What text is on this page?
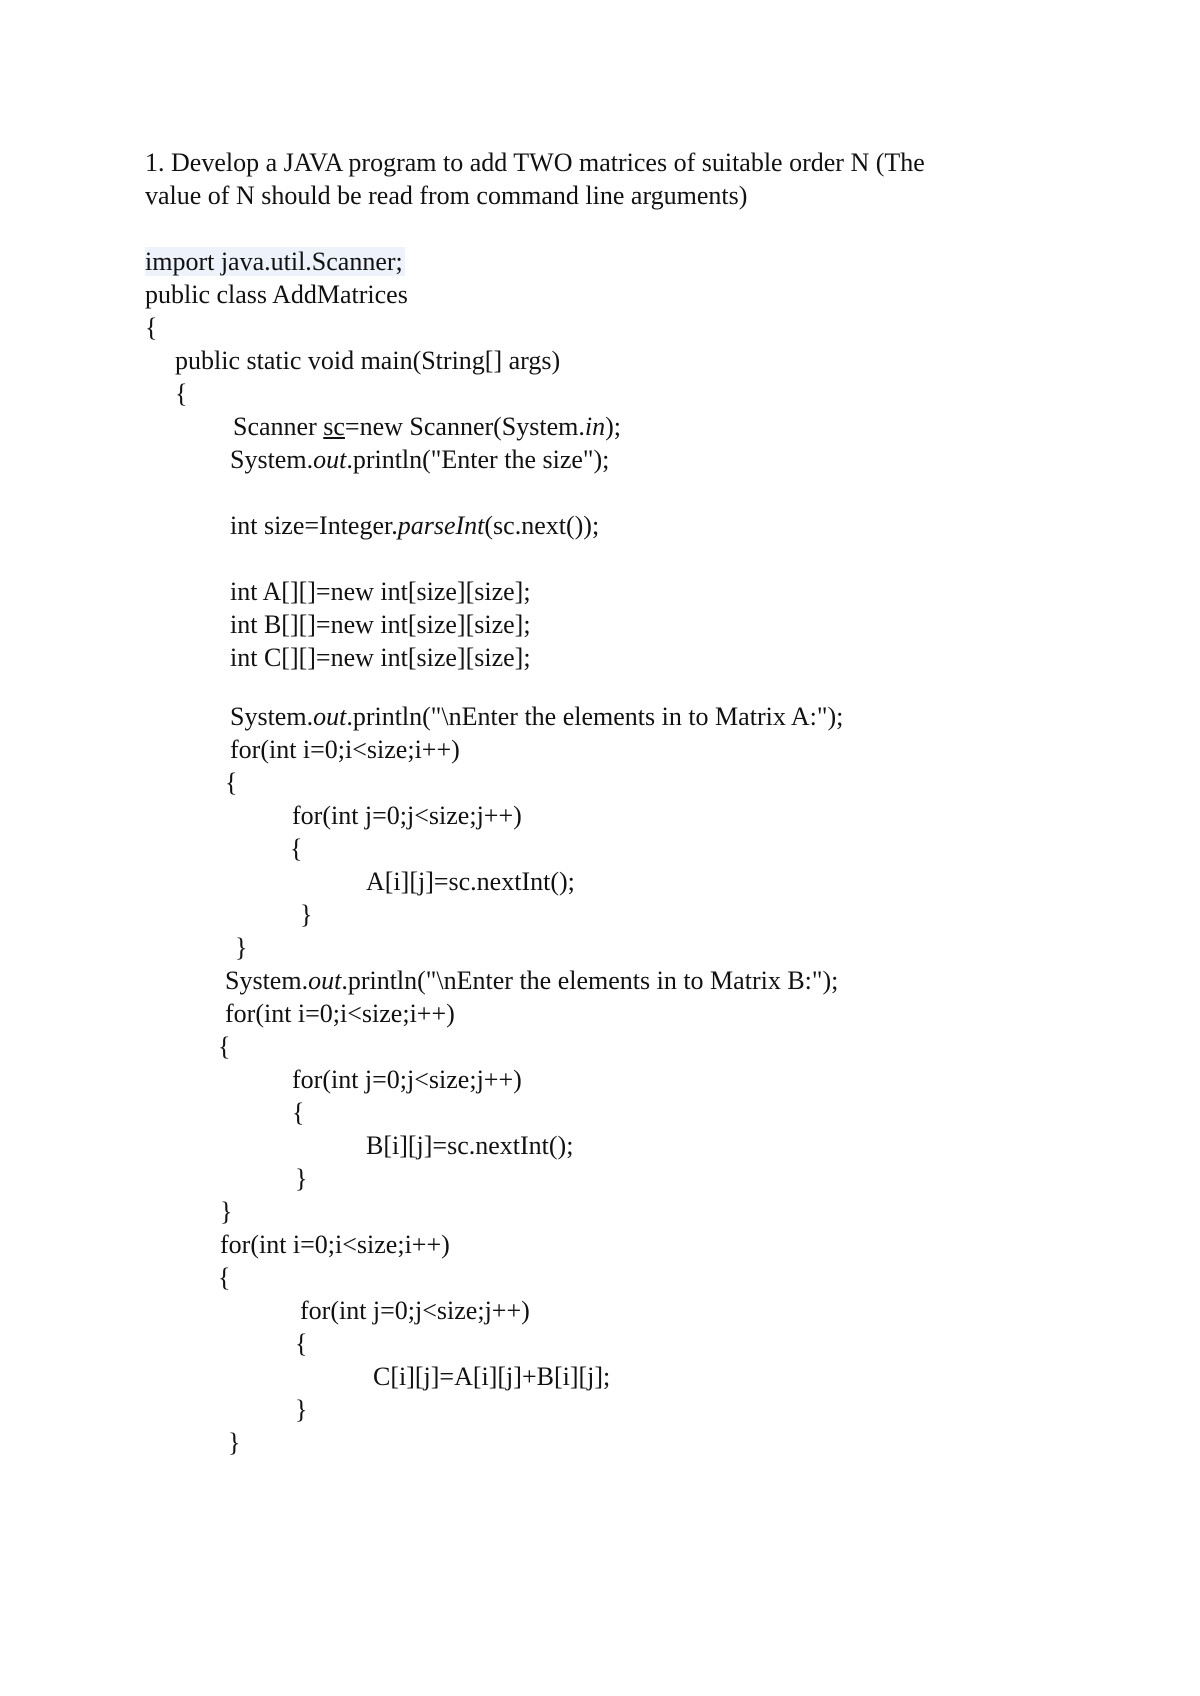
1. Develop a JAVA program to add TWO matrices of suitable order N (The
value of N should be read from command line arguments)
import java.util.Scanner;
public class AddMatrices
{
public static void main(String[] args)
{
Scanner sc=new Scanner(System.in);
System.out.println("Enter the size");
int size=Integer.parseInt(sc.next());
int A[][]=new int[size][size];
int B[][]=new int[size][size];
int C[][]=new int[size][size];
System.out.println("\nEnter the elements in to Matrix A:");
for(int i=0;i<size;i++)
{
for(int j=0;j<size;j++)
{
A[i][j]=sc.nextInt();
}
}
System.out.println("\nEnter the elements in to Matrix B:");
for(int i=0;i<size;i++)
{
for(int j=0;j<size;j++)
{
B[i][j]=sc.nextInt();
}
}
for(int i=0;i<size;i++)
{
for(int j=0;j<size;j++)
{
C[i][j]=A[i][j]+B[i][j];
}
}
